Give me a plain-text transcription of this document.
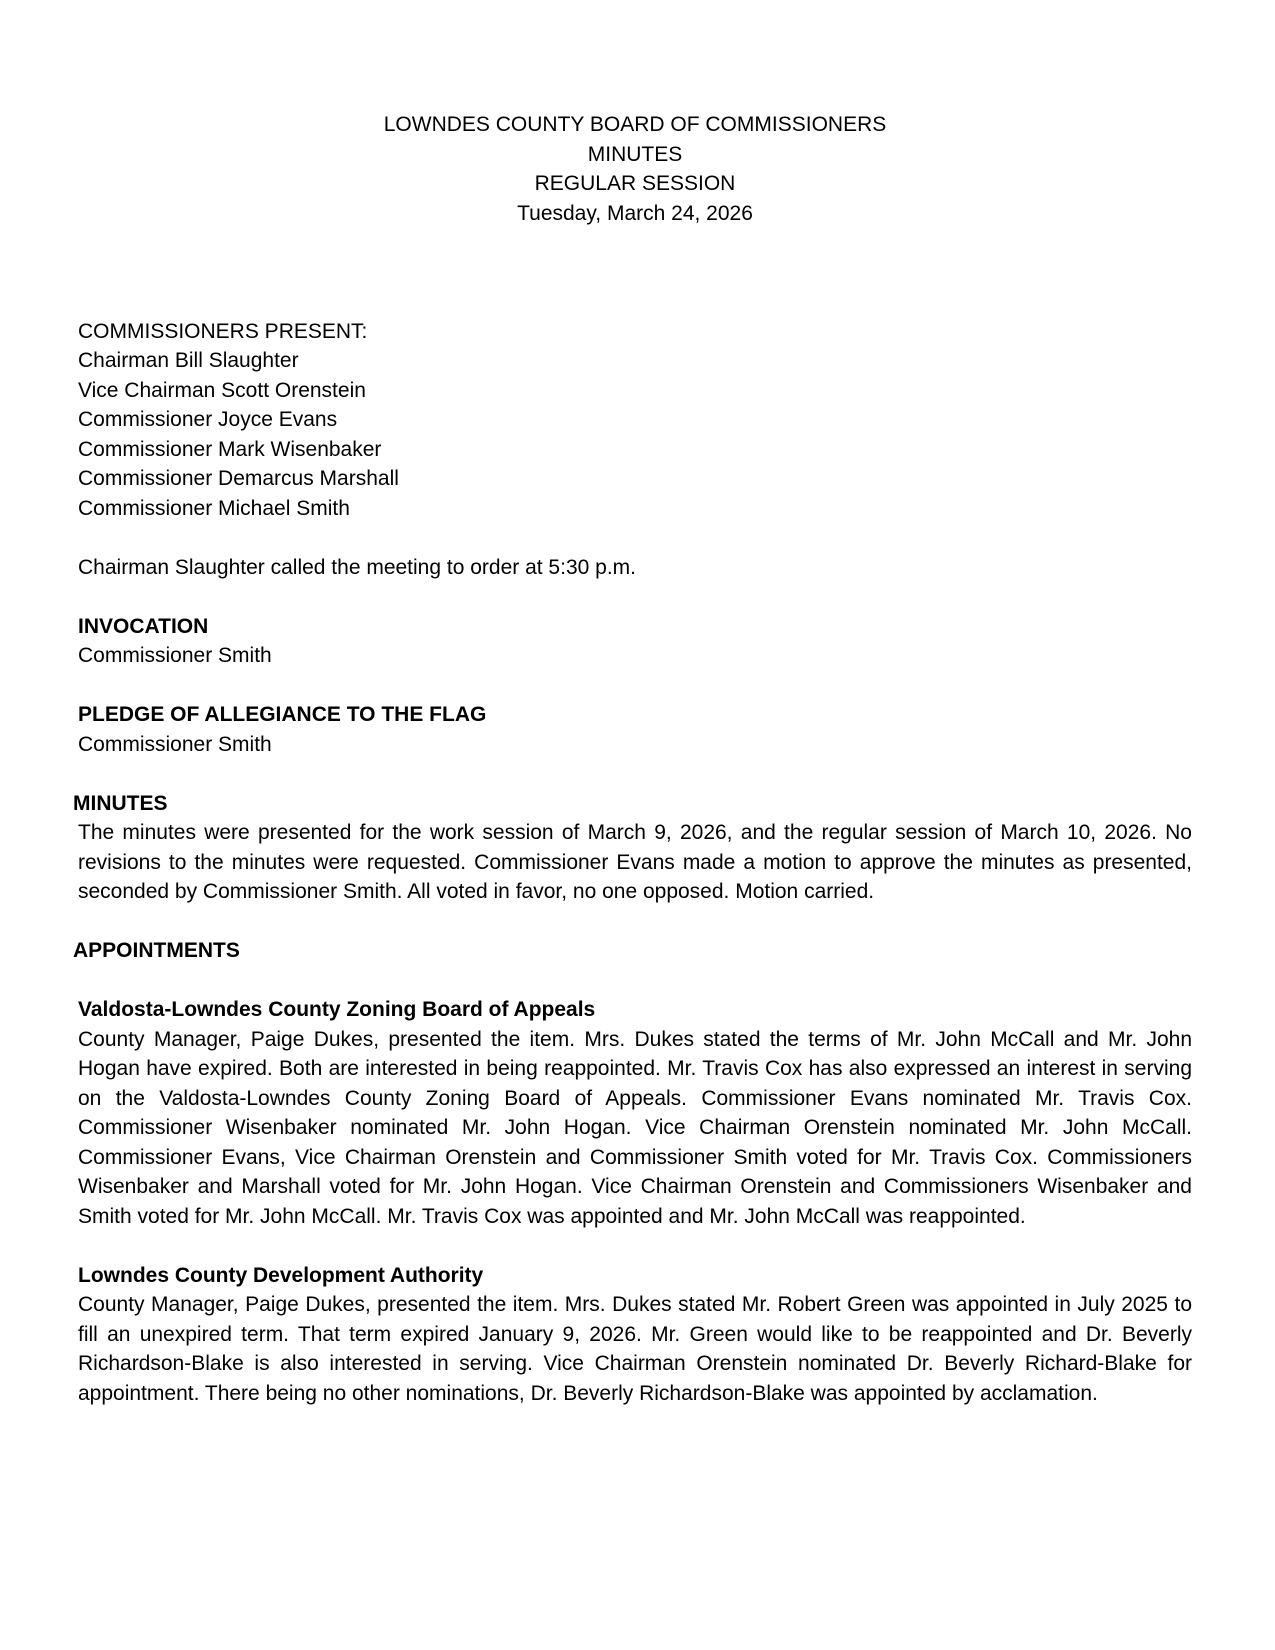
LOWNDES COUNTY BOARD OF COMMISSIONERS
MINUTES
REGULAR SESSION
Tuesday, March 24, 2026
COMMISSIONERS PRESENT:
Chairman Bill Slaughter
Vice Chairman Scott Orenstein
Commissioner Joyce Evans
Commissioner Mark Wisenbaker
Commissioner Demarcus Marshall
Commissioner Michael Smith
Chairman Slaughter called the meeting to order at 5:30 p.m.
INVOCATION
Commissioner Smith
PLEDGE OF ALLEGIANCE TO THE FLAG
Commissioner Smith
MINUTES

The minutes were presented for the work session of March 9, 2026, and the regular session of March 10, 2026. No revisions to the minutes were requested. Commissioner Evans made a motion to approve the minutes as presented, seconded by Commissioner Smith. All voted in favor, no one opposed. Motion carried.

APPOINTMENTS
Valdosta-Lowndes County Zoning Board of Appeals

County Manager, Paige Dukes, presented the item. Mrs. Dukes stated the terms of Mr. John McCall and Mr. John Hogan have expired. Both are interested in being reappointed. Mr. Travis Cox has also expressed an interest in serving on the Valdosta-Lowndes County Zoning Board of Appeals. Commissioner Evans nominated Mr. Travis Cox. Commissioner Wisenbaker nominated Mr. John Hogan. Vice Chairman Orenstein nominated Mr. John McCall. Commissioner Evans, Vice Chairman Orenstein and Commissioner Smith voted for Mr. Travis Cox. Commissioners Wisenbaker and Marshall voted for Mr. John Hogan. Vice Chairman Orenstein and Commissioners Wisenbaker and Smith voted for Mr. John McCall. Mr. Travis Cox was appointed and Mr. John McCall was reappointed.

Lowndes County Development Authority

County Manager, Paige Dukes, presented the item. Mrs. Dukes stated Mr. Robert Green was appointed in July 2025 to fill an unexpired term. That term expired January 9, 2026. Mr. Green would like to be reappointed and Dr. Beverly Richardson-Blake is also interested in serving. Vice Chairman Orenstein nominated Dr. Beverly Richard-Blake for appointment. There being no other nominations, Dr. Beverly Richardson-Blake was appointed by acclamation.
